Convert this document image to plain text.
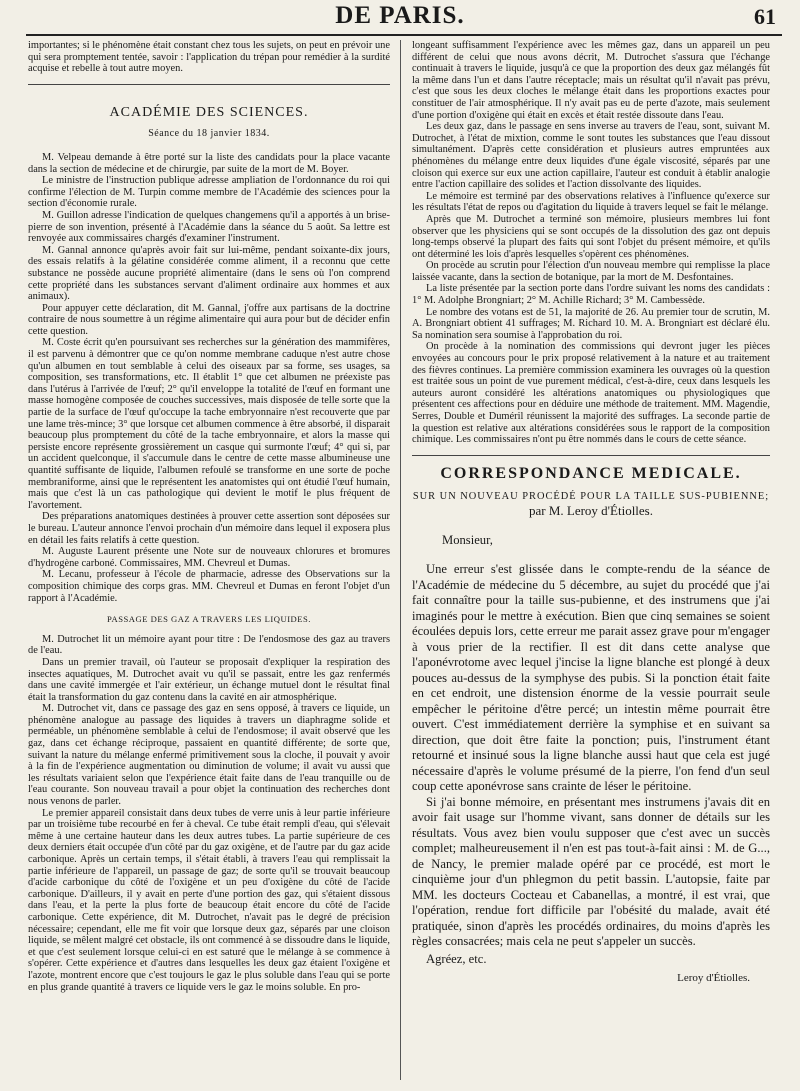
DE PARIS.	61

importantes; si le phénomène était constant chez tous les sujets, on peut en prévoir une qui sera promptement tentée, savoir : l'application du trépan pour remédier à la surdité acquise et rebelle à tout autre moyen.

ACADÉMIE DES SCIENCES.
Séance du 18 janvier 1834.

M. Velpeau demande à être porté sur la liste des candidats pour la place vacante dans la section de médecine et de chirurgie, par suite de la mort de M. Boyer.

Le ministre de l'instruction publique adresse ampliation de l'ordonnance du roi qui confirme l'élection de M. Turpin comme membre de l'Académie des sciences pour la section d'économie rurale.

M. Guillon adresse l'indication de quelques changemens qu'il a apportés à un brise-pierre de son invention, présenté à l'Académie dans la séance du 5 août. Sa lettre est renvoyée aux commissaires chargés d'examiner l'instrument.

M. Gannal annonce qu'après avoir fait sur lui-même, pendant soixante-dix jours, des essais relatifs à la gélatine considérée comme aliment, il a reconnu que cette substance ne possède aucune propriété alimentaire (dans le sens où l'on comprend cette propriété dans les substances servant d'aliment ordinaire aux hommes et aux animaux).

Pour appuyer cette déclaration, dit M. Gannal, j'offre aux partisans de la doctrine contraire de nous soumettre à un régime alimentaire qui aura pour but de décider enfin cette question.

M. Coste écrit qu'en poursuivant ses recherches sur la génération des mammifères, il est parvenu à démontrer que ce qu'on nomme membrane caduque n'est autre chose qu'un albumen en tout semblable à celui des oiseaux par sa forme, ses usages, sa composition, ses transformations, etc. Il établit 1° que cet albumen ne préexiste pas dans l'utérus à l'arrivée de l'œuf; 2° qu'il enveloppe la totalité de l'œuf en formant une masse homogène composée de couches successives, mais disposée de telle sorte que la partie de la surface de l'œuf qu'occupe la tache embryonnaire n'est recouverte que par une lame très-mince; 3° que lorsque cet albumen commence à être absorbé, il disparait beaucoup plus promptement du côté de la tache embryonnaire, et alors la masse qui persiste encore représente grossièrement un casque qui surmonte l'œuf; 4° qui si, par un accident quelconque, il s'accumule dans le centre de cette masse albumineuse une quantité suffisante de liquide, l'albumen refoulé se transforme en une sorte de poche membraniforme, ainsi que le représentent les anatomistes qui ont étudié l'œuf humain, mais que c'est là un cas pathologique qui devient le motif le plus fréquent de l'avortement.

Des préparations anatomiques destinées à prouver cette assertion sont déposées sur le bureau. L'auteur annonce l'envoi prochain d'un mémoire dans lequel il exposera plus en détail les faits relatifs à cette question.

M. Auguste Laurent présente une Note sur de nouveaux chlorures et bromures d'hydrogène carboné. Commissaires, MM. Chevreul et Dumas.

M. Lecanu, professeur à l'école de pharmacie, adresse des Observations sur la composition chimique des corps gras. MM. Chevreul et Dumas en feront l'objet d'un rapport à l'Académie.

PASSAGE DES GAZ A TRAVERS LES LIQUIDES.

M. Dutrochet lit un mémoire ayant pour titre : De l'endosmose des gaz au travers de l'eau.

Dans un premier travail, où l'auteur se proposait d'expliquer la respiration des insectes aquatiques, M. Dutrochet avait vu qu'il se passait, entre les gaz renfermés dans une cavité immergée et l'air extérieur, un échange mutuel dont le résultat final était la transformation du gaz contenu dans la cavité en air atmosphérique.

M. Dutrochet vit, dans ce passage des gaz en sens opposé, à travers ce liquide, un phénomène analogue au passage des liquides à travers un diaphragme solide et perméable, un phénomène semblable à celui de l'endosmose; il avait observé que les gaz, dans cet échange réciproque, passaient en quantité différente; de sorte que, suivant la nature du mélange enfermé primitivement sous la cloche, il pouvait y avoir à la fin de l'expérience augmentation ou diminution de volume; il avait vu aussi que les résultats variaient selon que l'expérience était faite dans de l'eau tranquille ou de l'eau courante. Son nouveau travail a pour objet la continuation des recherches dont nous venons de parler.

Le premier appareil consistait dans deux tubes de verre unis à leur partie inférieure par un troisième tube recourbé en fer à cheval. Ce tube était rempli d'eau, qui s'élevait même à une certaine hauteur dans les deux autres tubes. La partie supérieure de ces deux derniers était occupée d'un côté par du gaz oxigène, et de l'autre par du gaz acide carbonique. Après un certain temps, il s'était établi, à travers l'eau qui remplissait la partie inférieure de l'appareil, un passage de gaz; de sorte qu'il se trouvait beaucoup d'acide carbonique du côté de l'oxigène et un peu d'oxigène du côté de l'acide carbonique. D'ailleurs, il y avait en perte d'une portion des gaz, qui s'étaient dissous dans l'eau, et la perte la plus forte de beaucoup était encore du côté de l'acide carbonique. Cette expérience, dit M. Dutrochet, n'avait pas le degré de précision nécessaire; cependant, elle me fit voir que lorsque deux gaz, séparés par une cloison liquide, se mêlent malgré cet obstacle, ils ont commencé à se dissoudre dans le liquide, et que c'est seulement lorsque celui-ci en est saturé que le mélange à se commence à s'opérer. Cette expérience et d'autres dans lesquelles les deux gaz étaient l'oxigène et l'azote, montrent encore que c'est toujours le gaz le plus soluble dans l'eau qui se porte en plus grande quantité à travers ce liquide vers le gaz le moins soluble. En pro-

longeant suffisamment l'expérience avec les mêmes gaz, dans un appareil un peu différent de celui que nous avons décrit, M. Dutrochet s'assura que l'échange continuait à travers le liquide, jusqu'à ce que la proportion des deux gaz mélangés fût la même dans l'un et dans l'autre réceptacle; mais un résultat qu'il n'avait pas prévu, c'est que sous les deux cloches le mélange était dans les proportions exactes pour constituer de l'air atmosphérique. Il n'y avait pas eu de perte d'azote, mais seulement d'une portion d'oxigène qui était en excès et était restée dissoute dans l'eau.

Les deux gaz, dans le passage en sens inverse au travers de l'eau, sont, suivant M. Dutrochet, à l'état de mixtion, comme le sont toutes les substances que l'eau dissout simultanément. D'après cette considération et plusieurs autres empruntées aux phénomènes du mélange entre deux liquides d'une égale viscosité, séparés par une cloison qui exerce sur eux une action capillaire, l'auteur est conduit à établir analogie entre l'action capillaire des solides et l'action dissolvante des liquides.

Le mémoire est terminé par des observations relatives à l'influence qu'exerce sur les résultats l'état de repos ou d'agitation du liquide à travers lequel se fait le mélange.

Après que M. Dutrochet a terminé son mémoire, plusieurs membres lui font observer que les physiciens qui se sont occupés de la dissolution des gaz ont depuis long-temps observé la plupart des faits qui sont l'objet du présent mémoire, et qu'ils ont déterminé les lois d'après lesquelles s'opèrent ces phénomènes.

On procède au scrutin pour l'élection d'un nouveau membre qui remplisse la place laissée vacante, dans la section de botanique, par la mort de M. Desfontaines.

La liste présentée par la section porte dans l'ordre suivant les noms des candidats : 1° M. Adolphe Brongniart; 2° M. Achille Richard; 3° M. Cambessède.

Le nombre des votans est de 51, la majorité de 26. Au premier tour de scrutin, M. A. Brongniart obtient 41 suffrages; M. Richard 10. M. A. Brongniart est déclaré élu. Sa nomination sera soumise à l'approbation du roi.

On procède à la nomination des commissions qui devront juger les pièces envoyées au concours pour le prix proposé relativement à la nature et au traitement des fièvres continues. La première commission examinera les ouvrages où la question est traitée sous un point de vue purement médical, c'est-à-dire, ceux dans lesquels les auteurs auront considéré les altérations anatomiques ou physiologiques que présentent ces affections pour en déduire une méthode de traitement. MM. Magendie, Serres, Double et Duméril réunissent la majorité des suffrages. La seconde partie de la question est relative aux altérations considérées sous le rapport de la composition chimique. Les commissaires n'ont pu être nommés dans le cours de cette séance.

CORRESPONDANCE MEDICALE.
SUR UN NOUVEAU PROCÉDÉ POUR LA TAILLE SUS-PUBIENNE;
par M. Leroy d'Étiolles.
Monsieur,

Une erreur s'est glissée dans le compte-rendu de la séance de l'Académie de médecine du 5 décembre, au sujet du procédé que j'ai fait connaître pour la taille sus-pubienne, et des instrumens que j'ai imaginés pour le mettre à exécution. Bien que cinq semaines se soient écoulées depuis lors, cette erreur me parait assez grave pour m'engager à vous prier de la rectifier. Il est dit dans cette analyse que l'aponévrotome avec lequel j'incise la ligne blanche est plongé à deux pouces au-dessus de la symphyse des pubis. Si la ponction était faite en cet endroit, une distension énorme de la vessie pourrait seule empêcher le péritoine d'être percé; un intestin même pourrait être ouvert. C'est immédiatement derrière la symphise et en suivant sa direction, que doit être faite la ponction; puis, l'instrument étant retourné et insinué sous la ligne blanche aussi haut que cela est jugé nécessaire d'après le volume présumé de la pierre, l'on fend d'un seul coup cette aponévrose sans crainte de léser le péritoine.

Si j'ai bonne mémoire, en présentant mes instrumens j'avais dit en avoir fait usage sur l'homme vivant, sans donner de détails sur les résultats. Vous avez bien voulu supposer que c'est avec un succès complet; malheureusement il n'en est pas tout-à-fait ainsi : M. de G..., de Nancy, le premier malade opéré par ce procédé, est mort le cinquième jour d'un phlegmon du petit bassin. L'autopsie, faite par MM. les docteurs Cocteau et Cabanellas, a montré, il est vrai, que l'opération, rendue fort difficile par l'obésité du malade, avait été pratiquée, sinon d'après les procédés ordinaires, du moins d'après les règles consacrées; mais cela ne peut s'appeler un succès.

Agréez, etc.

Leroy d'Étiolles.
